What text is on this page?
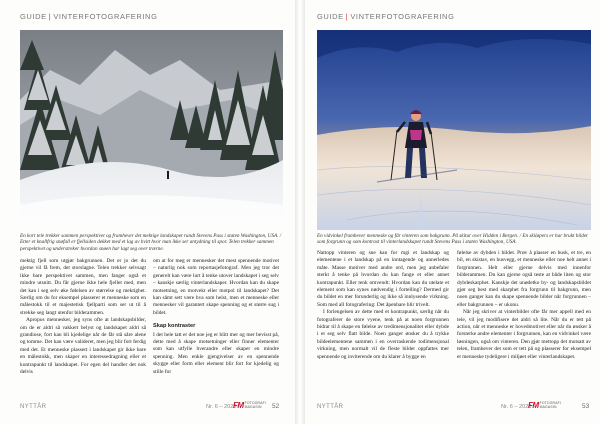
GUIDE | VINTERFOTOGRAFERING
En kort tele trekker sammen perspektivet og framhever det mektige landskapet rundt Stevens Pass i staten Washington, USA. / Etter et knallfrig snøfall er fjellsiden dekket med et lag av hvitt hvor man ikke ser antydning til spor. Telen trekker sammen perspektivet og understreker hvordan snøen har lagt seg over trærne.

mektig fjell som utgjør bakgrunnen. Det er jo det du gjerne vil få frem, det storslagne. Telen trekker selvsagt ikke bare perspektivet sammen, men fanger også et mindre utsnitt. Du får gjerne ikke hele fjellet med, men det kan i seg selv øke følelsen av størrelse og mektighet. Særlig om du for eksempel plasserer et menneske som en målestokk til et majestetisk fjellparti som ser ut til å strekke seg langt utenfor bilderammen.

Apropos mennesker, jeg syns ofte at landskapsbilder, om de er aldri så vakkert belyst og landskapet aldri så grandiose, fort kan bli kjedelige når de får stå såre alene og tomme. Det kan være valideret, men jeg blir fort ferdig med det. Et menneske plassert i landskapet gir ikke bare en målestokk, men skaper en interessedragning eller et kontrapunkt til landskapet. For egen del handler det nok delvis

om at for meg er mennesker det mest spennende motivet – naturlig nok som reportasjefotograf. Men jeg tror det generelt kan være lurt å tenke utover landskapet i seg selv – kanskje særlig vinterlandskaper. Hvordan kan du skape motsetning, en motvekt eller motpol til landskapet? Det kan såmt sett være hva som helst, men et menneske eller mennesker vil garantert skape spenning og et større sug i bildet.

Skap kontraster

I det hele tatt er det noe jeg er blitt mer og mer bevisst på, dette med å skape motsetninger eller finner elementer som kan utfylle hverandre eller skaper en mindre spenning. Men enkle gjengivelser av en spennende skygge eller form eller element blir fort for kjedelig og stille for

NYTTÅR	Nr. 6 – 2023
FM FOTOGRAFI
MAGASIN	52
GUIDE | VINTERFOTOGRAFERING
En vidvinkel framhever menneske og får vinteren som bakgrunn. På skitur over Hidden i Bergen. / En skiløpers er har brukt bildet som forgrunn og som kontrast til vinterlandskapet rundt Stevens Pass i staten Washington, USA.

Nattopp vinteren og sne kan for mgi et landskap og elementene i et landskap på en inntagende og annerledes måte. Masse motiver med andre ord, men jeg anbefaler sterkt å tenke på hvordan du kan fange et eller annet kontrapunkt. Eller tenk omvendt: Hvordan kan du utelate et element som kan synes nødvendig i fortelling? Dermed gir du bildet en mer forunderlig og ikke så innlysende virkning. Som med all fotografering: Det åpenbare blir trivelt.

I forlengelsen av dette med et kontrapunkt, særlig når du fotograferer de store vyene, tenk på at noen forgrunnen bidrar til å skape en følelse av tredimensjonalitet eller dybde i et seg selv flatt bilde. Noen ganger ønsker du å trykke bildeelementene sammen i en overraskende todimensjonal virkning, men normalt vil de fleste bilder oppfattes mer spennende og inviterende om du klarer å bygge en

følelse av dybden i bildet. Prøv å plasser en busk, et tre, en bil, en skistav, en husvegg, et menneske eller noe helt annet i forgrunnen. Helt eller gjerne delvis med innenfor bilderammen. Du kan gjerne også teste at både liten og stor dybdeskarphet. Kanskje det unødetko by- og landskapsbildet gjør seg best med skarphet fra forgrunn til bakgrunn, men noen ganger kan du skape spennende bilder når forgrunnen – eller bakgrunnen – er ukonu.

Når jeg skriver at vinterbilder ofte får mer appell med en tele, vil jeg modifisere det aldri så lite. Når du er tett på action, når et menneske er hovedmotivet eller når du ønsker å forsterke andre elementer i forgrunnen, kan en vidvinkel være løsningen, også om vinteren. Den gjør mettopp det motsatt av telen, framhever det som er tett på og plasserer for eksempel et menneske tydeligere i miljøet eller vinterlandskapet.

NYTTÅR	Nr. 6 – 2023
FM FOTOGRAFI
MAGASIN	53
